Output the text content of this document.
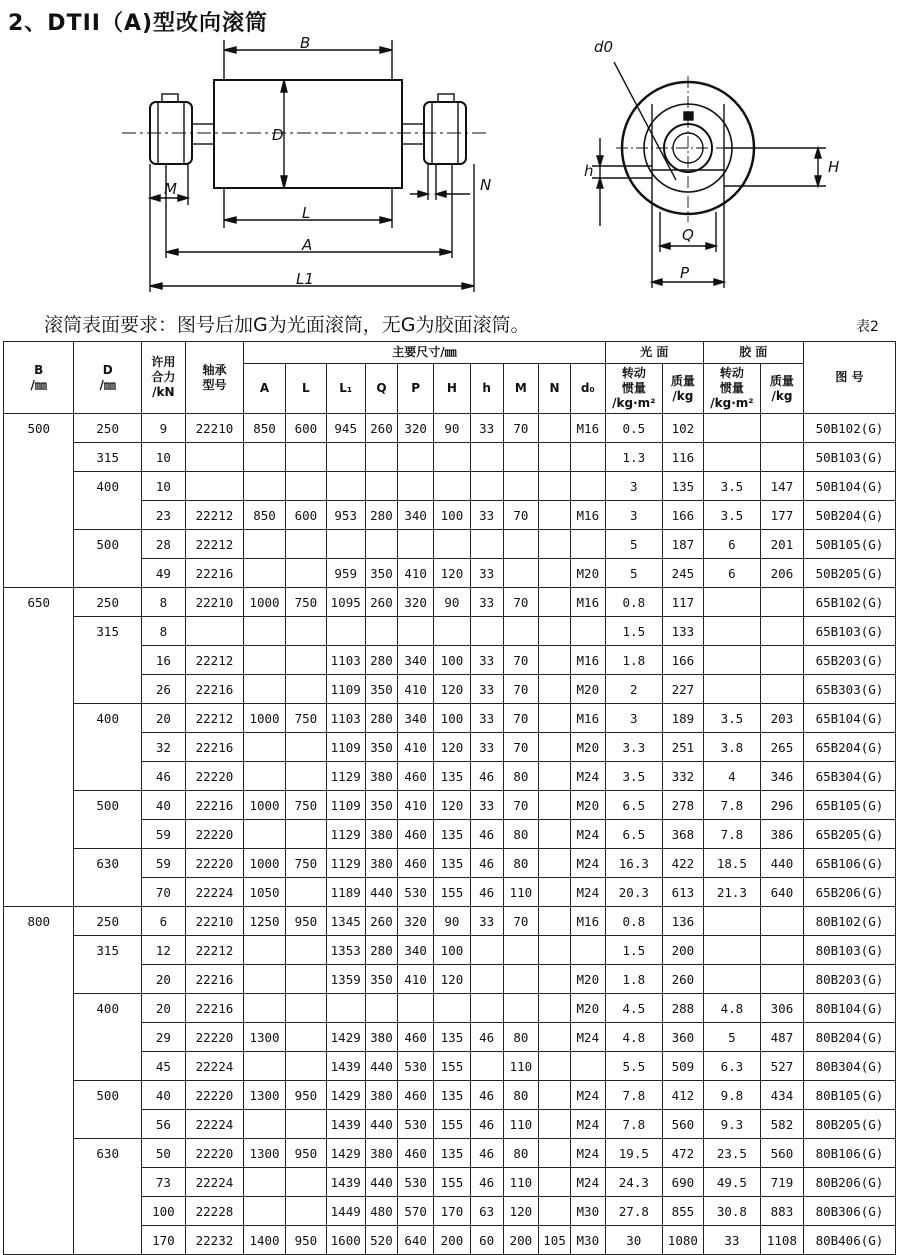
2、DTII（A)型改向滚筒
B
D
L
A
L1
M	N
d0
h	H
Q
P
滚筒表面要求：图号后加G为光面滚筒，无G为胶面滚筒。	表2
B
/㎜	D
/㎜	许用
合力
/kN	轴承
型号	主要尺寸/㎜										光 面		胶 面		图 号
				A	L	L₁	Q	P	H	h	M	N	d₀	转动
惯量
/kg·m²	质量
/kg	转动
惯量
/kg·m²	质量
/kg	
500	250	9	22210	850	600	945	260	320	90	33	70		M16	0.5	102			50B102(G)
	315	10												1.3	116			50B103(G)
	400	10												3	135	3.5	147	50B104(G)
		23	22212	850	600	953	280	340	100	33	70		M16	3	166	3.5	177	50B204(G)
	500	28	22212											5	187	6	201	50B105(G)
		49	22216			959	350	410	120	33			M20	5	245	6	206	50B205(G)
650	250	8	22210	1000	750	1095	260	320	90	33	70		M16	0.8	117			65B102(G)
	315	8												1.5	133			65B103(G)
		16	22212			1103	280	340	100	33	70		M16	1.8	166			65B203(G)
		26	22216			1109	350	410	120	33	70		M20	2	227			65B303(G)
	400	20	22212	1000	750	1103	280	340	100	33	70		M16	3	189	3.5	203	65B104(G)
		32	22216			1109	350	410	120	33	70		M20	3.3	251	3.8	265	65B204(G)
		46	22220			1129	380	460	135	46	80		M24	3.5	332	4	346	65B304(G)
	500	40	22216	1000	750	1109	350	410	120	33	70		M20	6.5	278	7.8	296	65B105(G)
		59	22220			1129	380	460	135	46	80		M24	6.5	368	7.8	386	65B205(G)
	630	59	22220	1000	750	1129	380	460	135	46	80		M24	16.3	422	18.5	440	65B106(G)
		70	22224	1050		1189	440	530	155	46	110		M24	20.3	613	21.3	640	65B206(G)
800	250	6	22210	1250	950	1345	260	320	90	33	70		M16	0.8	136			80B102(G)
	315	12	22212			1353	280	340	100					1.5	200			80B103(G)
		20	22216			1359	350	410	120				M20	1.8	260			80B203(G)
	400	20	22216										M20	4.5	288	4.8	306	80B104(G)
		29	22220	1300		1429	380	460	135	46	80		M24	4.8	360	5	487	80B204(G)
		45	22224			1439	440	530	155		110			5.5	509	6.3	527	80B304(G)
	500	40	22220	1300	950	1429	380	460	135	46	80		M24	7.8	412	9.8	434	80B105(G)
		56	22224			1439	440	530	155	46	110		M24	7.8	560	9.3	582	80B205(G)
	630	50	22220	1300	950	1429	380	460	135	46	80		M24	19.5	472	23.5	560	80B106(G)
		73	22224			1439	440	530	155	46	110		M24	24.3	690	49.5	719	80B206(G)
		100	22228			1449	480	570	170	63	120		M30	27.8	855	30.8	883	80B306(G)
		170	22232	1400	950	1600	520	640	200	60	200	105	M30	30	1080	33	1108	80B406(G)
